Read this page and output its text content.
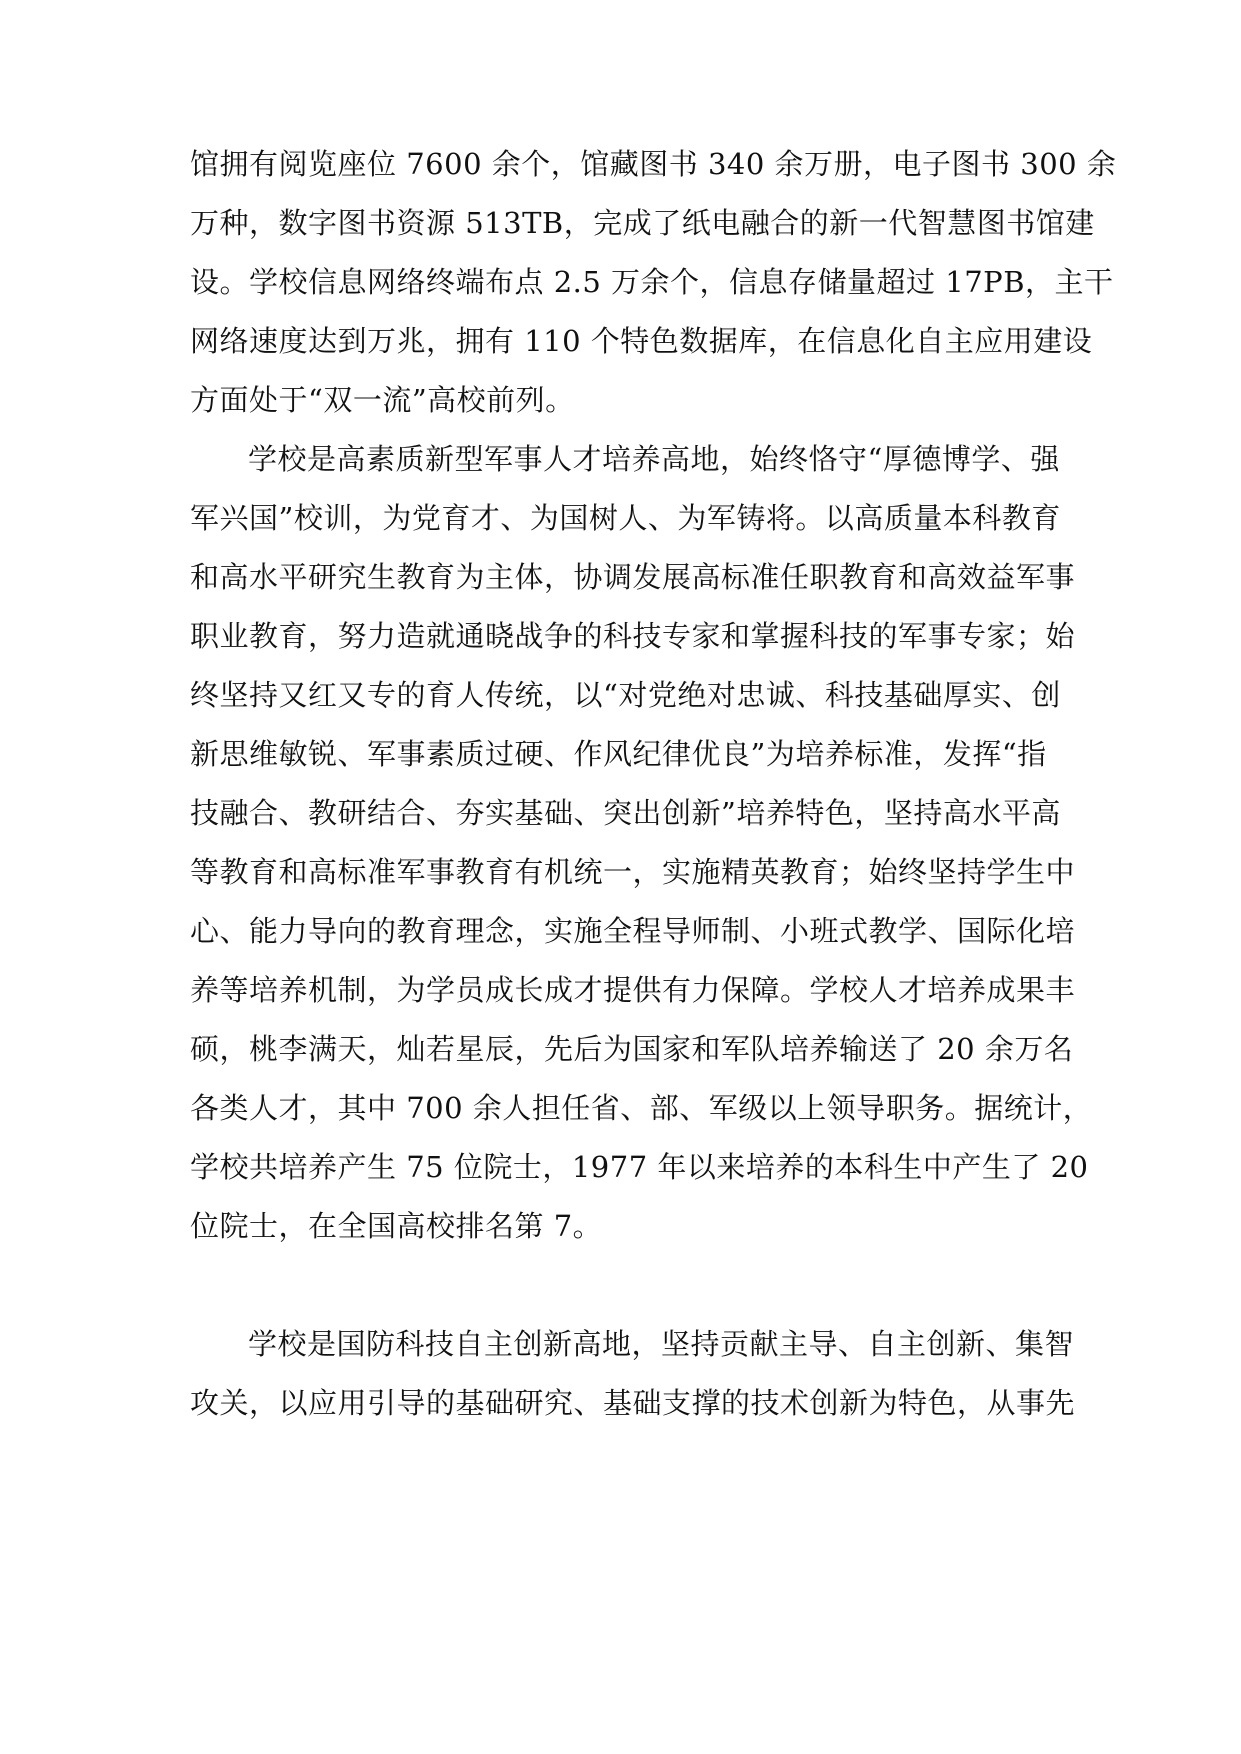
馆拥有阅览座位 7600 余个，馆藏图书 340 余万册，电子图书 300 余
万种，数字图书资源 513TB，完成了纸电融合的新一代智慧图书馆建
设。学校信息网络终端布点 2.5 万余个，信息存储量超过 17PB，主干
网络速度达到万兆，拥有 110 个特色数据库，在信息化自主应用建设
方面处于“双一流”高校前列。
学校是高素质新型军事人才培养高地，始终恪守“厚德博学、强
军兴国”校训，为党育才、为国树人、为军铸将。以高质量本科教育
和高水平研究生教育为主体，协调发展高标准任职教育和高效益军事
职业教育，努力造就通晓战争的科技专家和掌握科技的军事专家；始
终坚持又红又专的育人传统，以“对党绝对忠诚、科技基础厚实、创
新思维敏锐、军事素质过硬、作风纪律优良”为培养标准，发挥“指
技融合、教研结合、夯实基础、突出创新”培养特色，坚持高水平高
等教育和高标准军事教育有机统一，实施精英教育；始终坚持学生中
心、能力导向的教育理念，实施全程导师制、小班式教学、国际化培
养等培养机制，为学员成长成才提供有力保障。学校人才培养成果丰
硕，桃李满天，灿若星辰，先后为国家和军队培养输送了 20 余万名
各类人才，其中 700 余人担任省、部、军级以上领导职务。据统计，
学校共培养产生 75 位院士，1977 年以来培养的本科生中产生了 20
位院士，在全国高校排名第 7。
学校是国防科技自主创新高地，坚持贡献主导、自主创新、集智
攻关，以应用引导的基础研究、基础支撑的技术创新为特色，从事先
